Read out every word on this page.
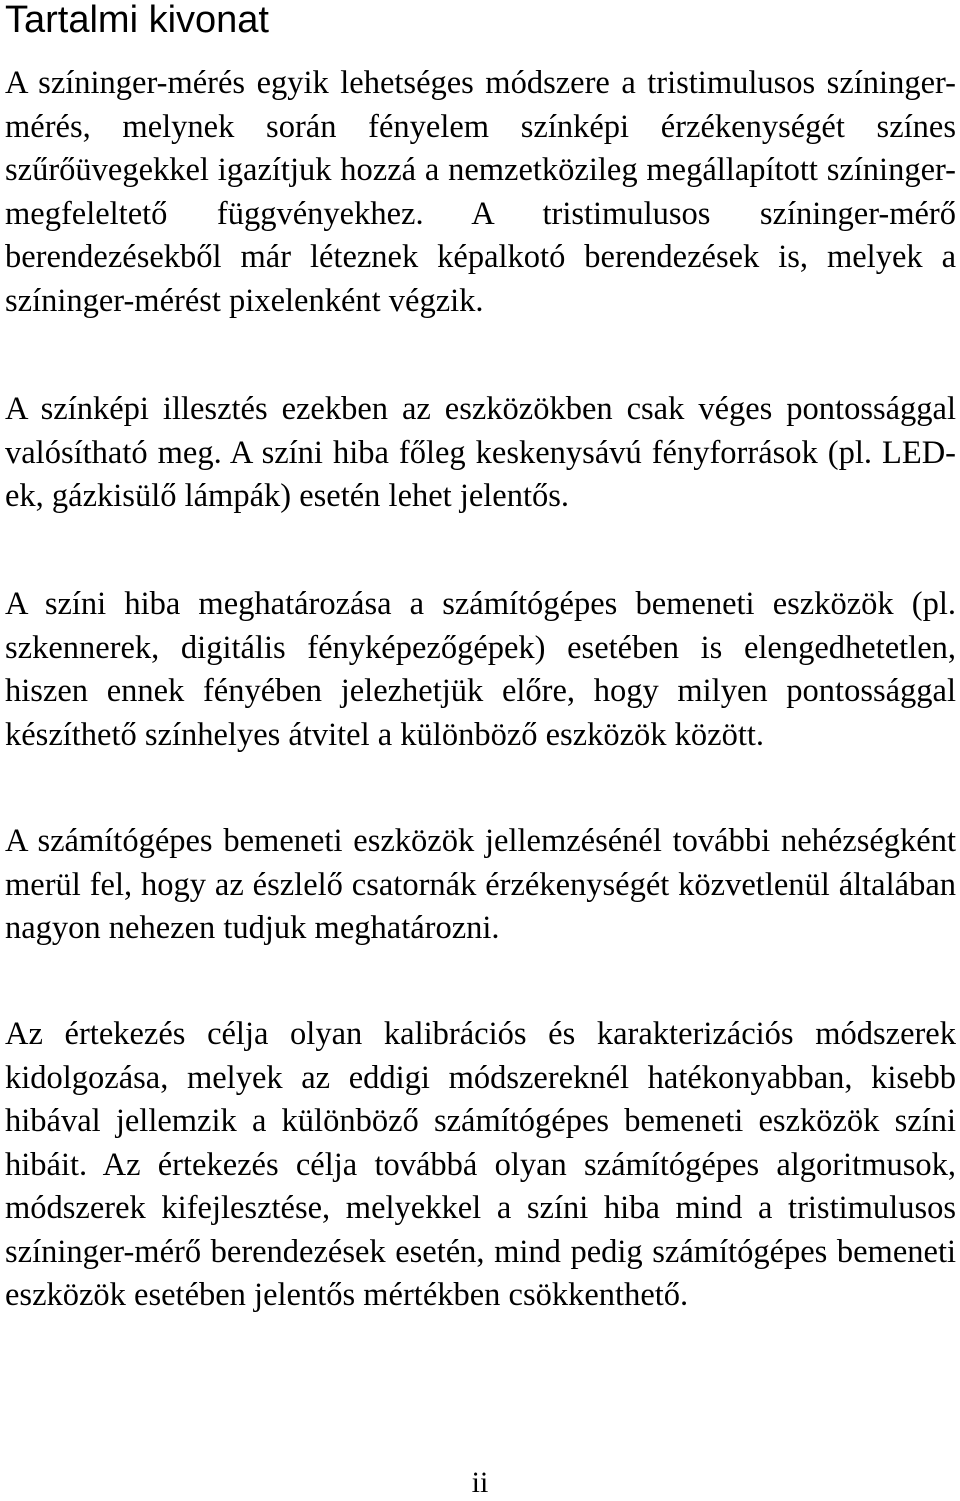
Tartalmi kivonat

A színinger-mérés egyik lehetséges módszere a tristimulusos színinger-mérés, melynek során fényelem színképi érzékenységét színes szűrőüvegekkel igazítjuk hozzá a nemzetközileg megállapított színinger-megfeleltető függvényekhez. A tristimulusos színinger-mérő berendezésekből már léteznek képalkotó berendezések is, melyek a színinger-mérést pixelenként végzik.

A színképi illesztés ezekben az eszközökben csak véges pontossággal valósítható meg. A színi hiba főleg keskenysávú fényforrások (pl. LED-ek, gázkisülő lámpák) esetén lehet jelentős.

A színi hiba meghatározása a számítógépes bemeneti eszközök (pl. szkennerek, digitális fényképezőgépek) esetében is elengedhetetlen, hiszen ennek fényében jelezhetjük előre, hogy milyen pontossággal készíthető színhelyes átvitel a különböző eszközök között.

A számítógépes bemeneti eszközök jellemzésénél további nehézségként merül fel, hogy az észlelő csatornák érzékenységét közvetlenül általában nagyon nehezen tudjuk meghatározni.

Az értekezés célja olyan kalibrációs és karakterizációs módszerek kidolgozása, melyek az eddigi módszereknél hatékonyabban, kisebb hibával jellemzik a különböző számítógépes bemeneti eszközök színi hibáit. Az értekezés célja továbbá olyan számítógépes algoritmusok, módszerek kifejlesztése, melyekkel a színi hiba mind a tristimulusos színinger-mérő berendezések esetén, mind pedig számítógépes bemeneti eszközök esetében jelentős mértékben csökkenthető.

ii
